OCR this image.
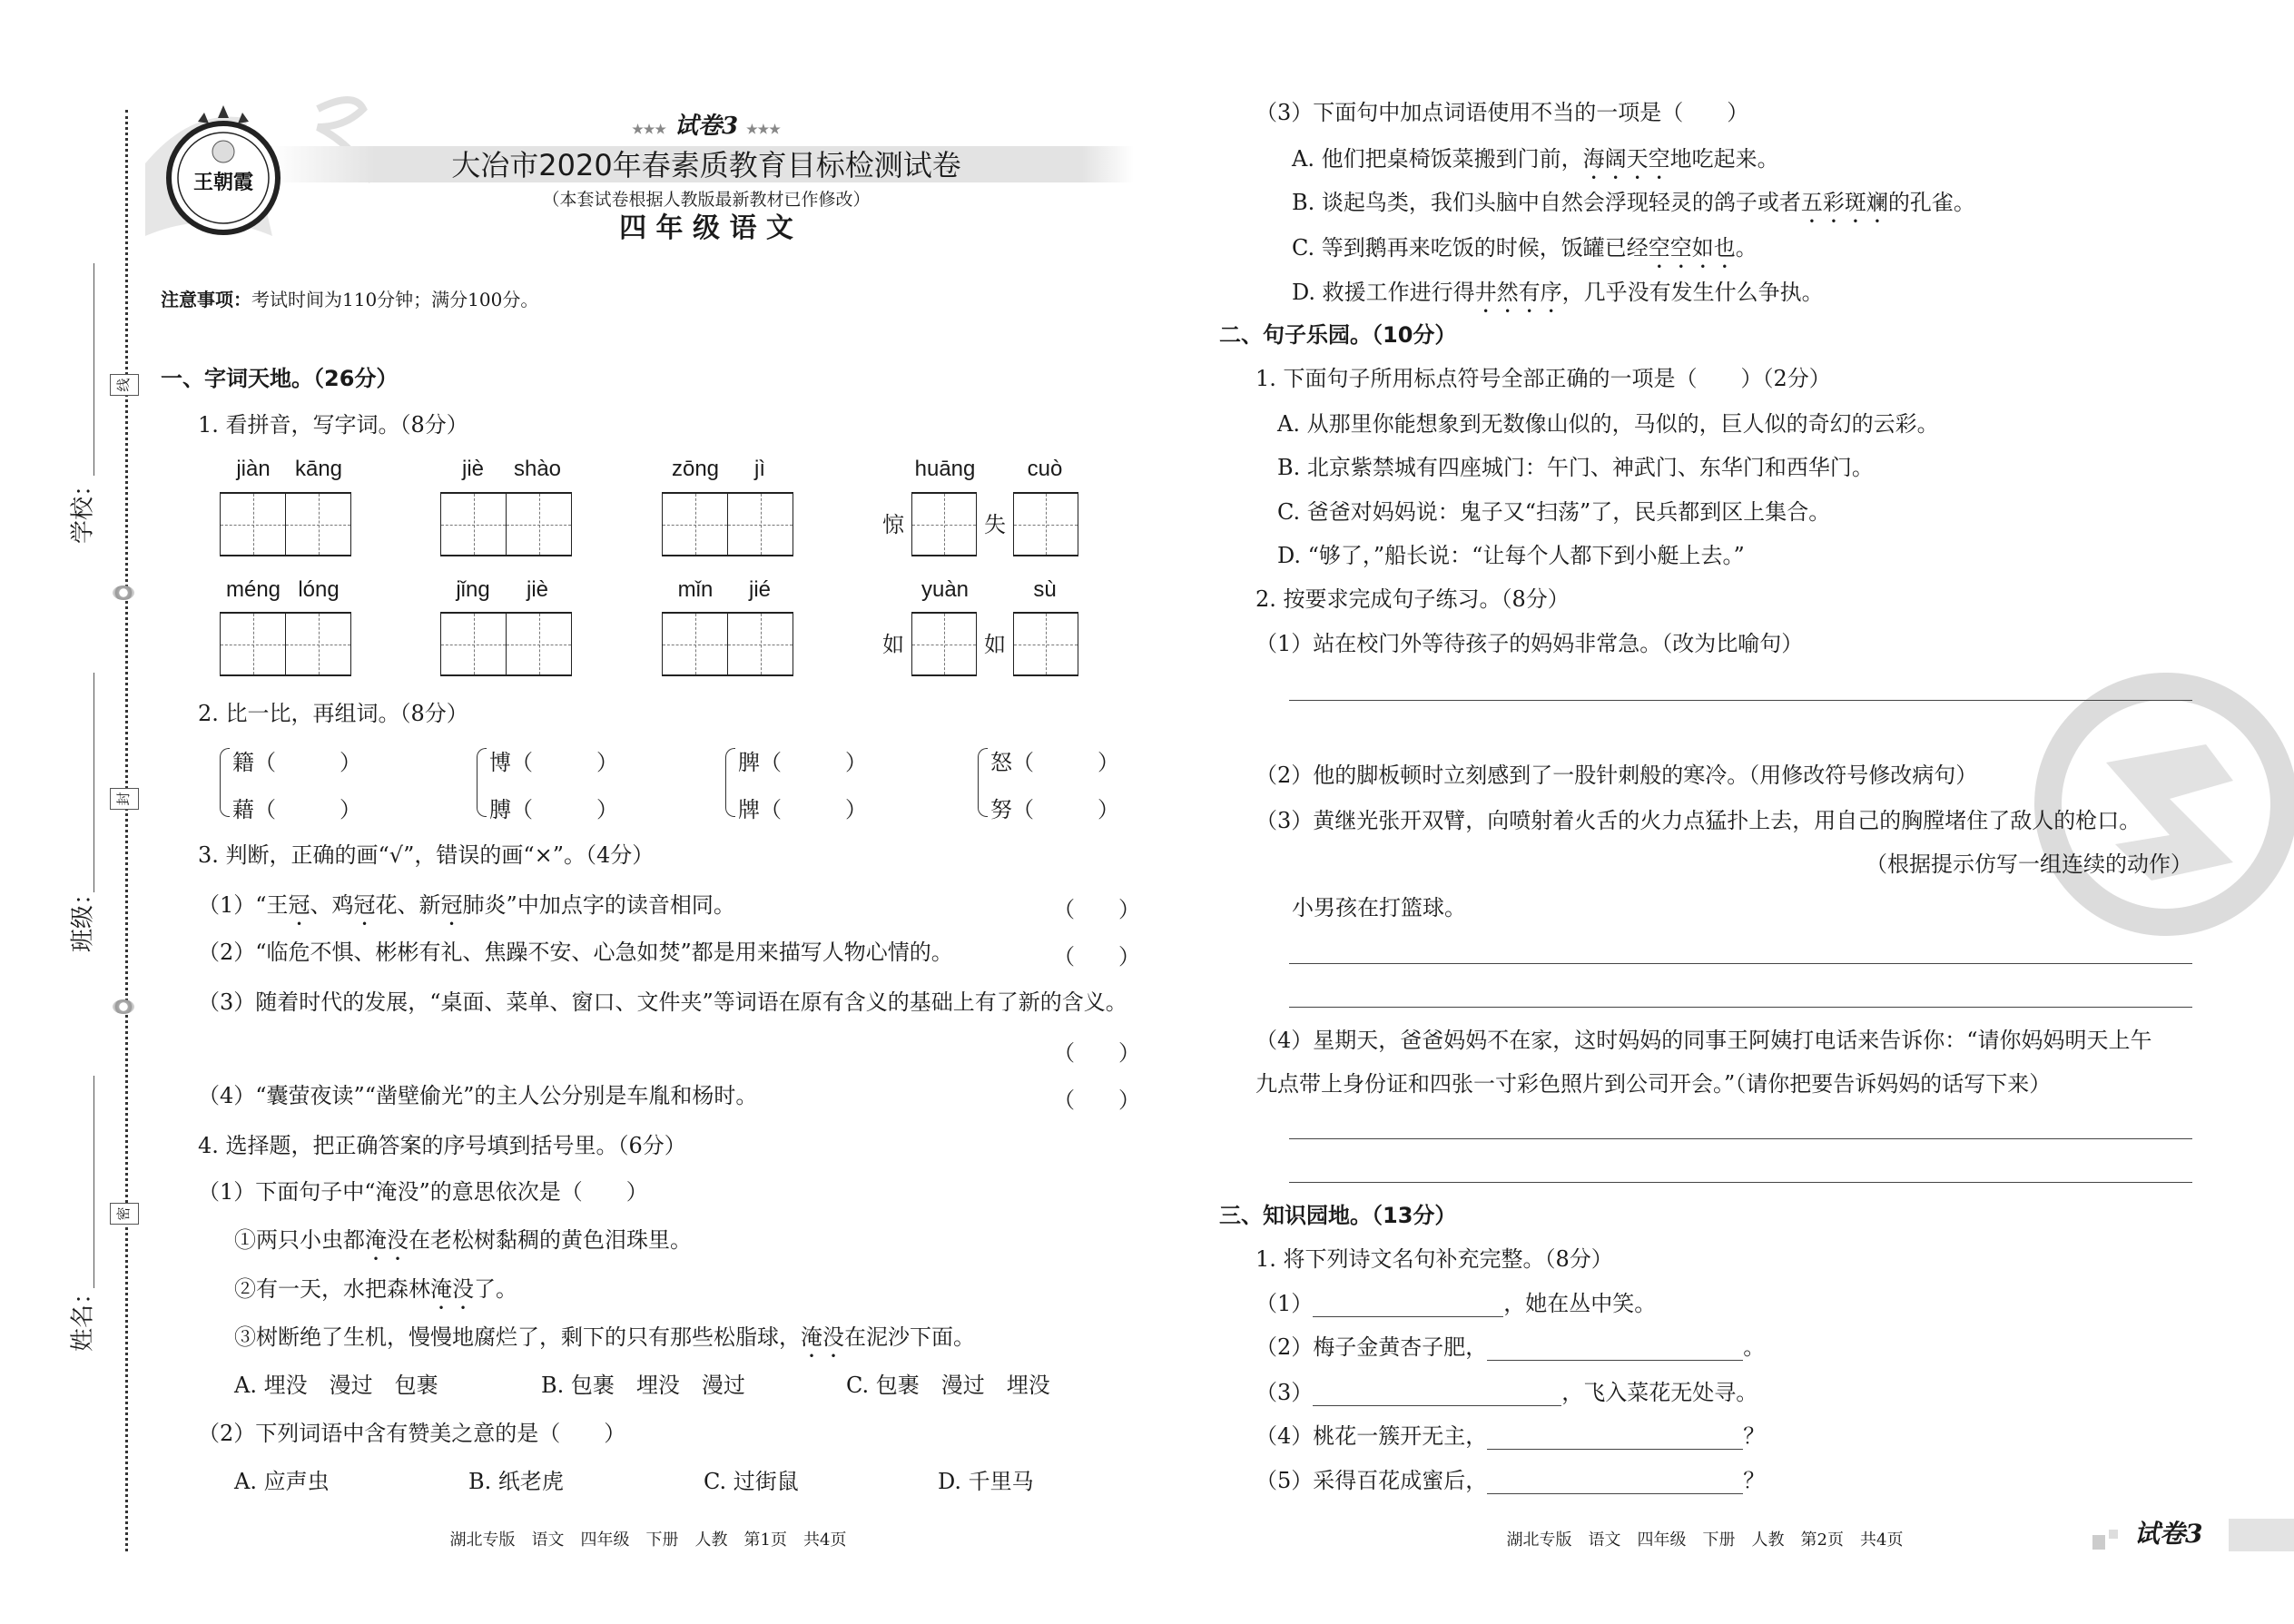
学校：
班级：
姓名：
线
封
密
王朝霞
★★★ 试卷3 ★★★
大冶市2020年春素质教育目标检测试卷
（本套试卷根据人教版最新教材已作修改）
四 年 级 语 文
注意事项：考试时间为110分钟；满分100分。
一、字词天地。（26分）
1. 看拼音，写字词。（8分）
jiàn kāng	jiè shào	zōng jì	huāng cuò
惊	失
méng lóng	jǐng jiè	mǐn jié	yuàn	sù
如	如
2. 比一比，再组词。（8分）
籍（	）
藉（	）
博（	）
膊（	）
脾（	）
牌（	）
怒（	）
努（	）
3. 判断，正确的画“√”，错误的画“×”。（4分）
（1）“王冠、鸡冠花、新冠肺炎”中加点字的读音相同。	（　　）
（2）“临危不惧、彬彬有礼、焦躁不安、心急如焚”都是用来描写人物心情的。	（　　）
（3）随着时代的发展，“桌面、菜单、窗口、文件夹”等词语在原有含义的基础上有了新的含义。
（　　）
（4）“囊萤夜读”“凿壁偷光”的主人公分别是车胤和杨时。	（　　）
4. 选择题，把正确答案的序号填到括号里。（6分）
（1）下面句子中“淹没”的意思依次是（　　）
①两只小虫都淹没在老松树黏稠的黄色泪珠里。
②有一天，水把森林淹没了。
③树断绝了生机，慢慢地腐烂了，剩下的只有那些松脂球，淹没在泥沙下面。
A. 埋没　漫过　包裹	B. 包裹　埋没　漫过	C. 包裹　漫过　埋没
（2）下列词语中含有赞美之意的是（　　）
A. 应声虫	B. 纸老虎	C. 过街鼠	D. 千里马
湖北专版　语文　四年级　下册　人教　第1页　共4页
（3）下面句中加点词语使用不当的一项是（　　）
A. 他们把桌椅饭菜搬到门前，海阔天空地吃起来。
B. 谈起鸟类，我们头脑中自然会浮现轻灵的鸽子或者五彩斑斓的孔雀。
C. 等到鹅再来吃饭的时候，饭罐已经空空如也。
D. 救援工作进行得井然有序，几乎没有发生什么争执。
二、句子乐园。（10分）
1. 下面句子所用标点符号全部正确的一项是（　　）（2分）
A. 从那里你能想象到无数像山似的，马似的，巨人似的奇幻的云彩。
B. 北京紫禁城有四座城门：午门、神武门、东华门和西华门。
C. 爸爸对妈妈说：鬼子又“扫荡”了，民兵都到区上集合。
D. “够了，”船长说：“让每个人都下到小艇上去。”
2. 按要求完成句子练习。（8分）
（1）站在校门外等待孩子的妈妈非常急。（改为比喻句）
（2）他的脚板顿时立刻感到了一股针刺般的寒冷。（用修改符号修改病句）
（3）黄继光张开双臂，向喷射着火舌的火力点猛扑上去，用自己的胸膛堵住了敌人的枪口。
（根据提示仿写一组连续的动作）
小男孩在打篮球。
（4）星期天，爸爸妈妈不在家，这时妈妈的同事王阿姨打电话来告诉你：“请你妈妈明天上午
九点带上身份证和四张一寸彩色照片到公司开会。”（请你把要告诉妈妈的话写下来）
三、知识园地。（13分）
1. 将下列诗文名句补充完整。（8分）
（1）	，她在丛中笑。
（2）梅子金黄杏子肥，	。
（3）	，飞入菜花无处寻。
（4）桃花一簇开无主，	？
（5）采得百花成蜜后，	？
湖北专版　语文　四年级　下册　人教　第2页　共4页	试卷3
